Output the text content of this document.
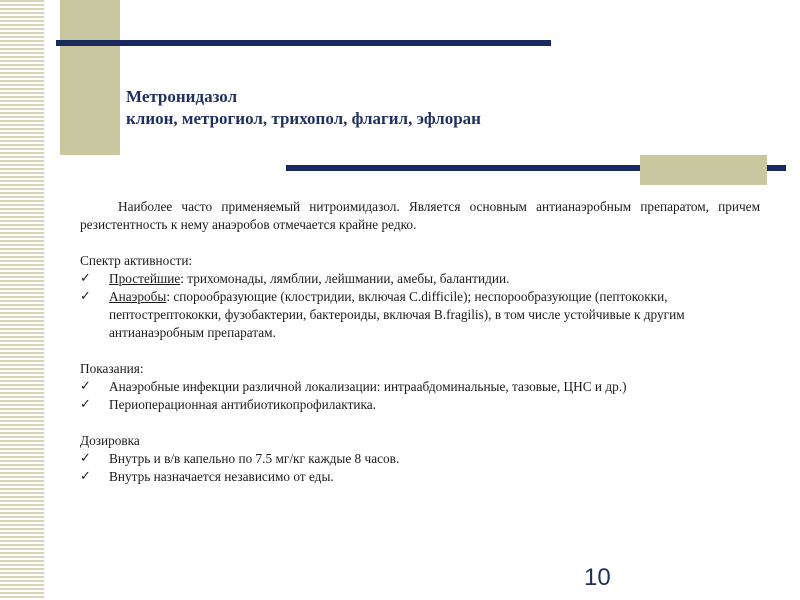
Метронидазол
клион, метрогиол, трихопол, флагил, эфлоран
Наиболее часто применяемый нитроимидазол. Является основным антианаэробным препаратом, причем резистентность к нему анаэробов отмечается крайне редко.
Спектр активности:
✓ Простейшие: трихомонады, лямблии, лейшмании, амебы, балантидии.
✓ Анаэробы: спорообразующие (клостридии, включая C.difficile); неспорообразующие (пептококки, пептострептококки, фузобактерии, бактероиды, включая B.fragilis), в том числе устойчивые к другим антианаэробным препаратам.
Показания:
✓ Анаэробные инфекции различной локализации: интраабдоминальные, тазовые, ЦНС и др.)
✓ Периоперационная антибиотикопрофилактика.
Дозировка
✓ Внутрь и в/в капельно по 7.5 мг/кг каждые 8 часов.
✓ Внутрь назначается независимо от еды.
10
